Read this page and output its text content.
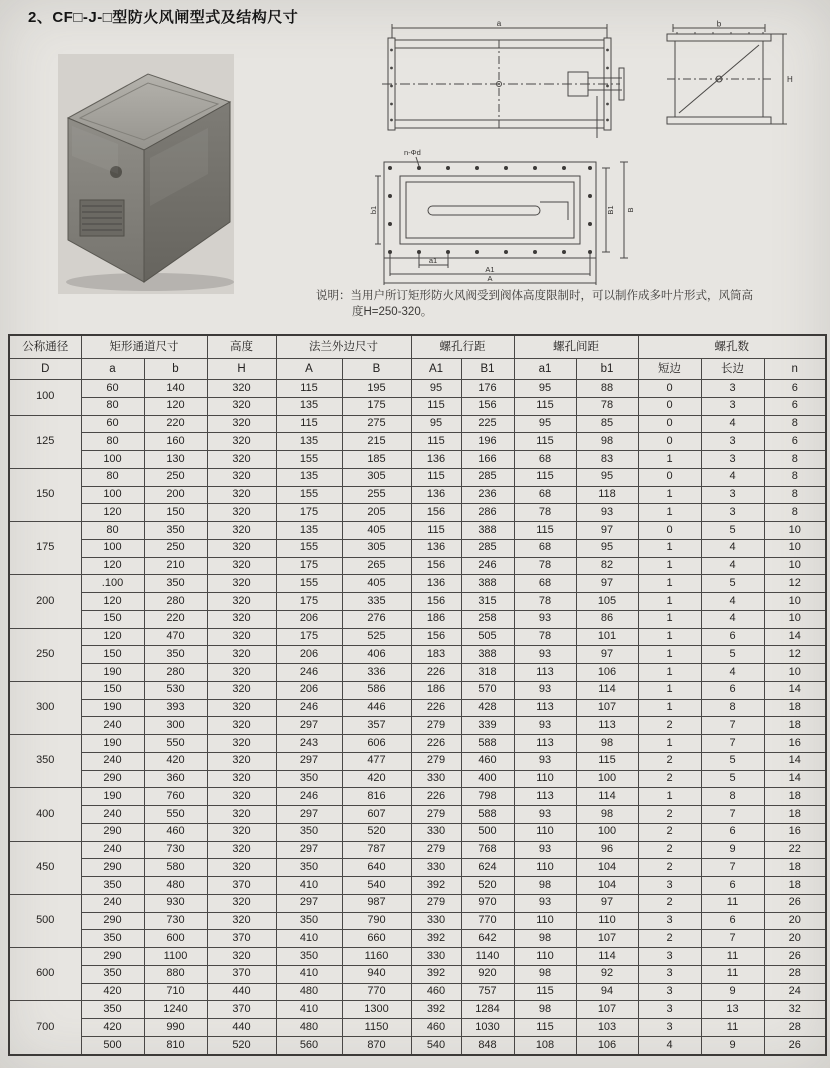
2、CF□-J-□型防火风闸型式及结构尺寸	a	b
H
n-Φd
b1	B1 B
a1
A1
A
说明：当用户所订矩形防火风阀受到阀体高度限制时，可以制作成多叶片形式，风筒高
度H=250-320。
公称通径	矩形通道尺寸		高度	法兰外边尺寸		螺孔行距		螺孔间距		螺孔数		
D	a	b	H	A	B	A1	B1	a1	b1	短边	长边	n
100	60	140	320	115	195	95	176	95	88	0	3	6
	80	120	320	135	175	115	156	115	78	0	3	6
125	60	220	320	115	275	95	225	95	85	0	4	8
	80	160	320	135	215	115	196	115	98	0	3	6
	100	130	320	155	185	136	166	68	83	1	3	8
150	80	250	320	135	305	115	285	115	95	0	4	8
	100	200	320	155	255	136	236	68	118	1	3	8
	120	150	320	175	205	156	286	78	93	1	3	8
175	80	350	320	135	405	115	388	115	97	0	5	10
	100	250	320	155	305	136	285	68	95	1	4	10
	120	210	320	175	265	156	246	78	82	1	4	10
200	.100	350	320	155	405	136	388	68	97	1	5	12
	120	280	320	175	335	156	315	78	105	1	4	10
	150	220	320	206	276	186	258	93	86	1	4	10
250	120	470	320	175	525	156	505	78	101	1	6	14
	150	350	320	206	406	183	388	93	97	1	5	12
	190	280	320	246	336	226	318	113	106	1	4	10
300	150	530	320	206	586	186	570	93	114	1	6	14
	190	393	320	246	446	226	428	113	107	1	8	18
	240	300	320	297	357	279	339	93	113	2	7	18
350	190	550	320	243	606	226	588	113	98	1	7	16
	240	420	320	297	477	279	460	93	115	2	5	14
	290	360	320	350	420	330	400	110	100	2	5	14
400	190	760	320	246	816	226	798	113	114	1	8	18
	240	550	320	297	607	279	588	93	98	2	7	18
	290	460	320	350	520	330	500	110	100	2	6	16
450	240	730	320	297	787	279	768	93	96	2	9	22
	290	580	320	350	640	330	624	110	104	2	7	18
	350	480	370	410	540	392	520	98	104	3	6	18
500	240	930	320	297	987	279	970	93	97	2	11	26
	290	730	320	350	790	330	770	110	110	3	6	20
	350	600	370	410	660	392	642	98	107	2	7	20
600	290	1100	320	350	1160	330	1140	110	114	3	11	26
	350	880	370	410	940	392	920	98	92	3	11	28
	420	710	440	480	770	460	757	115	94	3	9	24
700	350	1240	370	410	1300	392	1284	98	107	3	13	32
	420	990	440	480	1150	460	1030	115	103	3	11	28
	500	810	520	560	870	540	848	108	106	4	9	26
